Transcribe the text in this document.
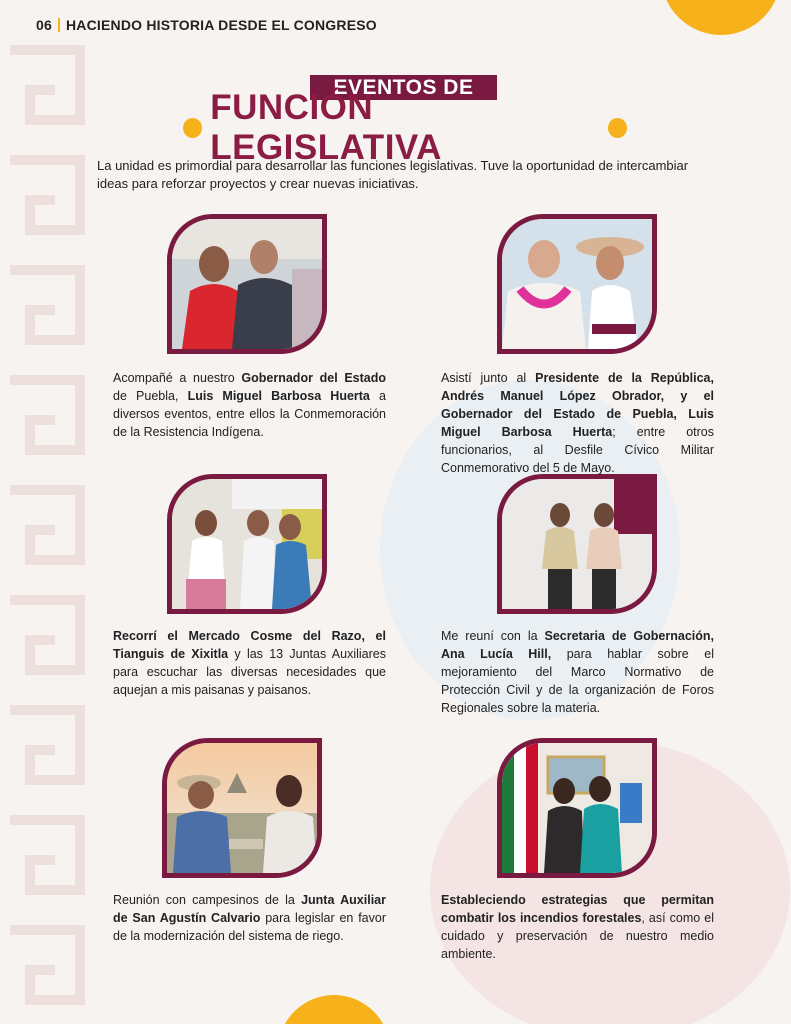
06 HACIENDO HISTORIA DESDE EL CONGRESO
EVENTOS DE
FUNCIÓN LEGISLATIVA
La unidad es primordial para desarrollar las funciones legislativas. Tuve la oportunidad de intercambiar ideas para reforzar proyectos y crear nuevas iniciativas.
Acompañé a nuestro Gobernador del Estado de Puebla, Luis Miguel Barbosa Huerta a diversos eventos, entre ellos la Conmemoración de la Resistencia Indígena.
Asistí junto al Presidente de la República, Andrés Manuel López Obrador, y el Gobernador del Estado de Puebla, Luis Miguel Barbosa Huerta; entre otros funcionarios, al Desfile Cívico Militar Conmemorativo del 5 de Mayo.
Recorrí el Mercado Cosme del Razo, el Tianguis de Xixitla y las 13 Juntas Auxiliares para escuchar las diversas necesidades que aquejan a mis paisanas y paisanos.
Me reuní con la Secretaria de Gobernación, Ana Lucía Hill, para hablar sobre el mejoramiento del Marco Normativo de Protección Civil y de la organización de Foros Regionales sobre la materia.
Reunión con campesinos de la Junta Auxiliar de San Agustín Calvario para legislar en favor de la modernización del sistema de riego.
Estableciendo estrategias que permitan combatir los incendios forestales, así como el cuidado y preservación de nuestro medio ambiente.
